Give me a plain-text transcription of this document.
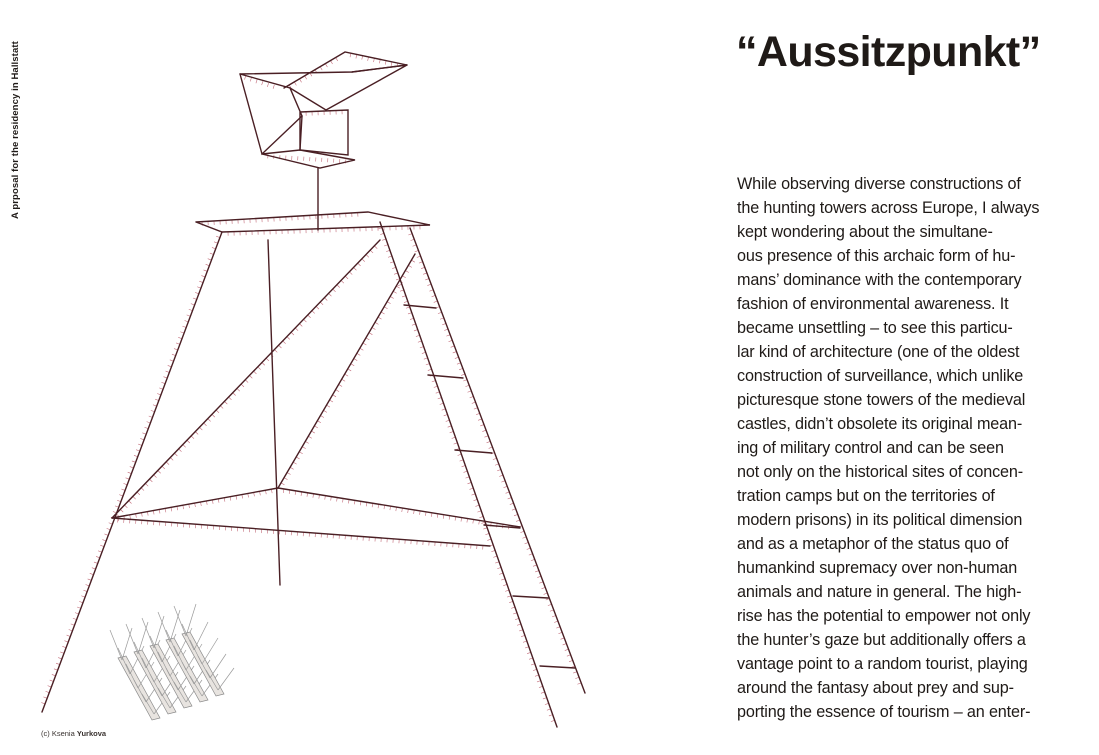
A prposal for the residency in Hallstatt
(c) Ksenia Yurkova
“Aussitzpunkt”
While observing diverse constructions of
the hunting towers across Europe, I always
kept wondering about the simultane-
ous presence of this archaic form of hu-
mans’ dominance with the contemporary
fashion of environmental awareness. It
became unsettling – to see this particu-
lar kind of architecture (one of the oldest
construction of surveillance, which unlike
picturesque stone towers of the medieval
castles, didn’t obsolete its original mean-
ing of military control and can be seen
not only on the historical sites of concen-
tration camps but on the territories of
modern prisons) in its political dimension
and as a metaphor of the status quo of
humankind supremacy over non-human
animals and nature in general. The high-
rise has the potential to empower not only
the hunter’s gaze but additionally offers a
vantage point to a random tourist, playing
around the fantasy about prey and sup-
porting the essence of tourism – an enter-
